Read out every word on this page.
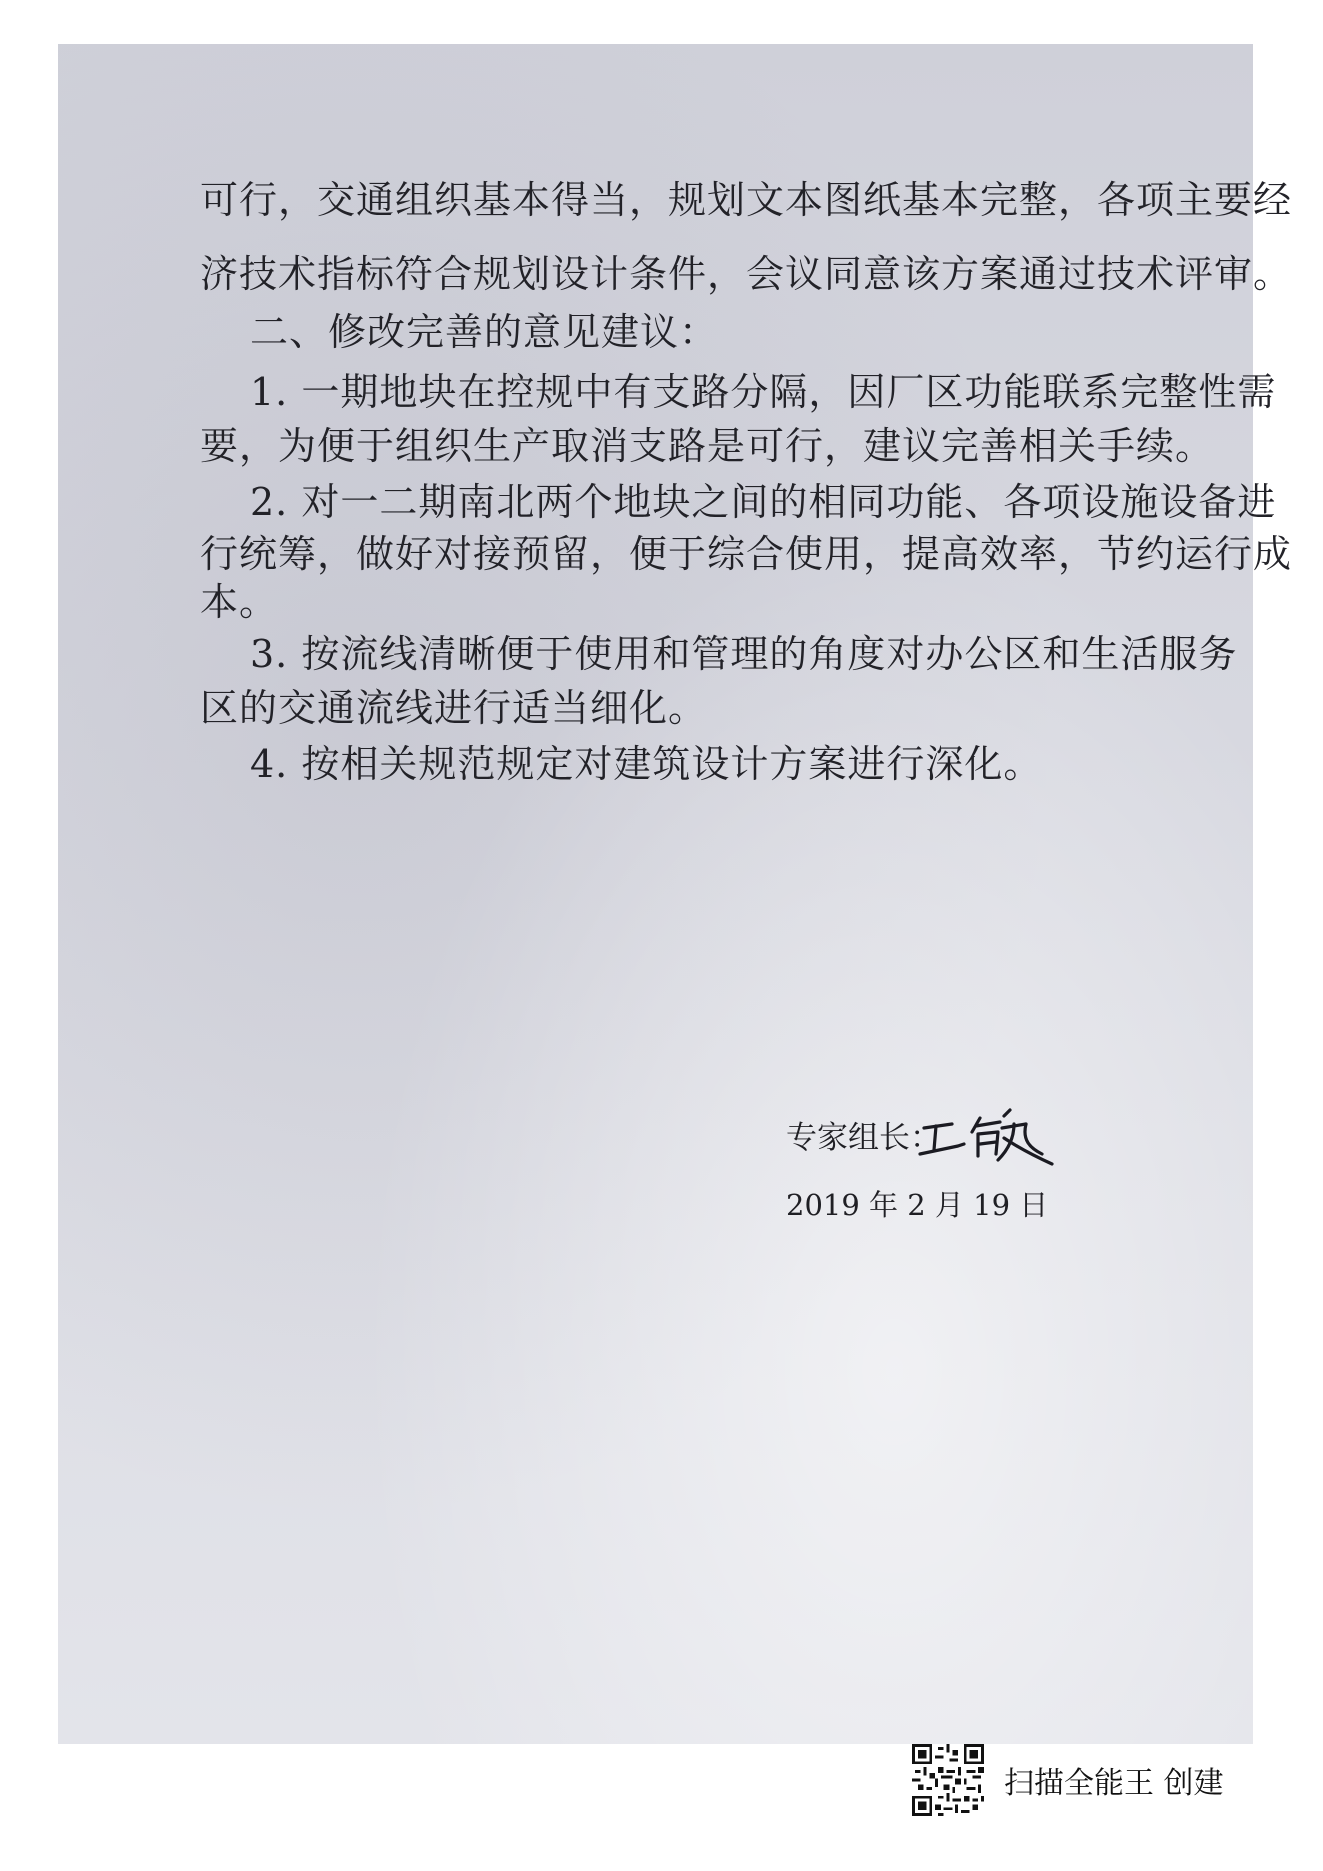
可行，交通组织基本得当，规划文本图纸基本完整，各项主要经
济技术指标符合规划设计条件，会议同意该方案通过技术评审。
二、修改完善的意见建议：
1. 一期地块在控规中有支路分隔，因厂区功能联系完整性需
要，为便于组织生产取消支路是可行，建议完善相关手续。
2. 对一二期南北两个地块之间的相同功能、各项设施设备进
行统筹，做好对接预留，便于综合使用，提高效率，节约运行成
本。
3. 按流线清晰便于使用和管理的角度对办公区和生活服务
区的交通流线进行适当细化。
4. 按相关规范规定对建筑设计方案进行深化。
专家组长：
2019 年 2 月 19 日
扫描全能王 创建
